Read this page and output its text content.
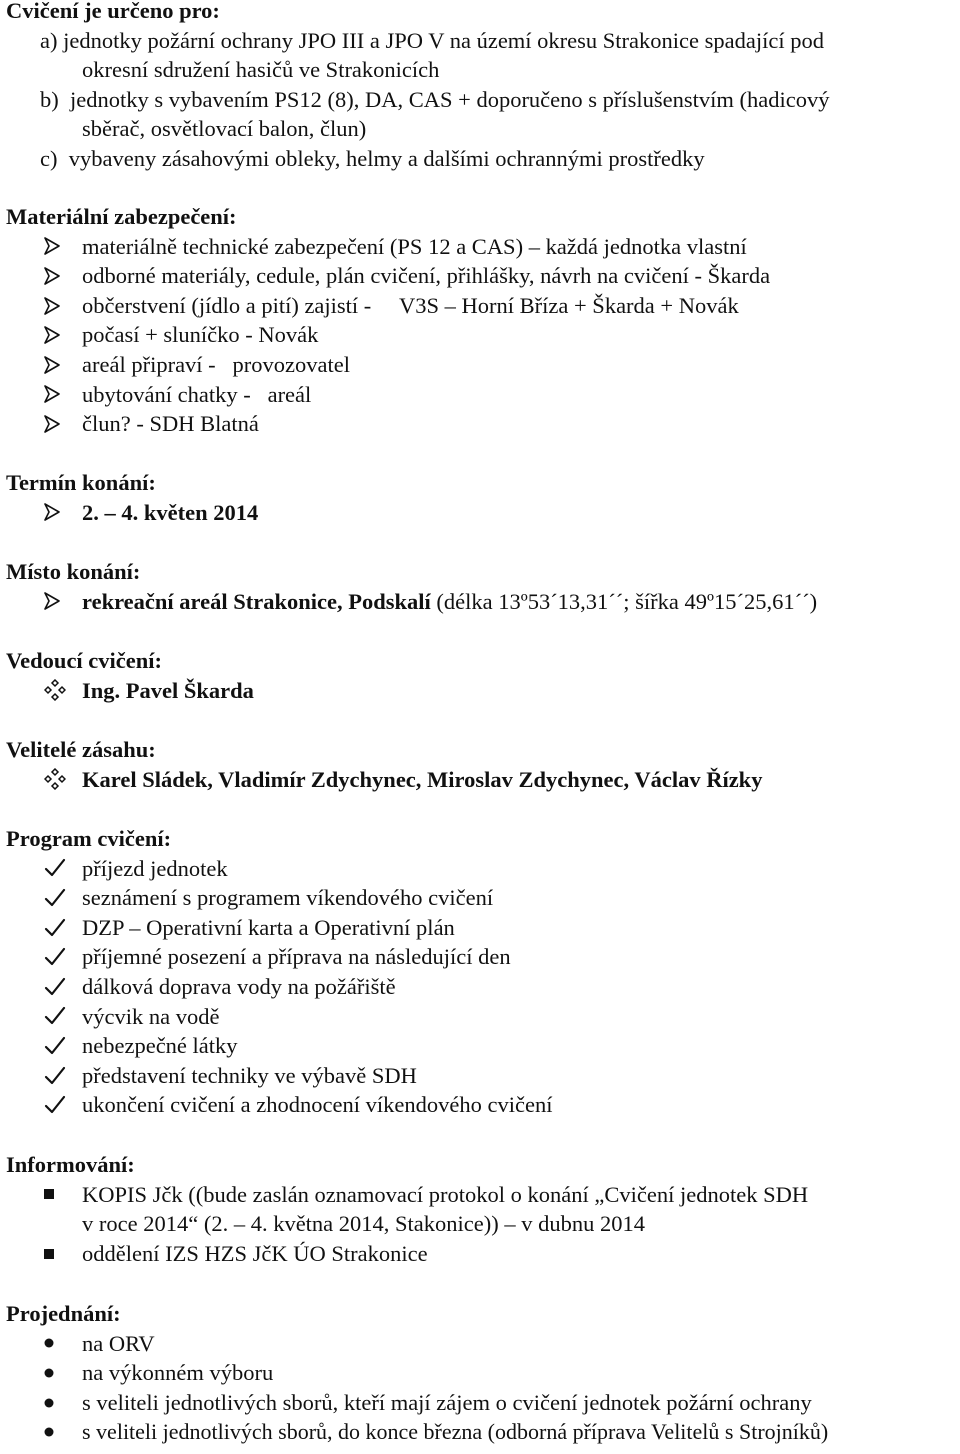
Cvičení je určeno pro:
a) jednotky požární ochrany JPO III a JPO V na území okresu Strakonice spadající pod
okresní sdružení hasičů ve Strakonicích
b) jednotky s vybavením PS12 (8), DA, CAS + doporučeno s příslušenstvím (hadicový
sběrač, osvětlovací balon, člun)
c) vybaveny zásahovými obleky, helmy a dalšími ochrannými prostředky
Materiální zabezpečení:
materiálně technické zabezpečení (PS 12 a CAS) – každá jednotka vlastní
odborné materiály, cedule, plán cvičení, přihlášky, návrh na cvičení - Škarda
občerstvení (jídlo a pití) zajistí -     V3S – Horní Bříza + Škarda + Novák
počasí + sluníčko - Novák
areál připraví -   provozovatel
ubytování chatky -   areál
člun? - SDH Blatná
Termín konání:
2. – 4. květen 2014
Místo konání:
rekreační areál Strakonice, Podskalí (délka 13º53´13,31´´; šířka 49º15´25,61´´)
Vedoucí cvičení:
Ing. Pavel Škarda
Velitelé zásahu:
Karel Sládek, Vladimír Zdychynec, Miroslav Zdychynec, Václav Řízky
Program cvičení:
příjezd jednotek
seznámení s programem víkendového cvičení
DZP – Operativní karta a Operativní plán
příjemné posezení a příprava na následující den
dálková doprava vody na požářiště
výcvik na vodě
nebezpečné látky
představení techniky ve výbavě SDH
ukončení cvičení a zhodnocení víkendového cvičení
Informování:
KOPIS Jčk ((bude zaslán oznamovací protokol o konání „Cvičení jednotek SDH
v roce 2014“ (2. – 4. května 2014, Stakonice)) – v dubnu 2014
oddělení IZS HZS JčK ÚO Strakonice
Projednání:
na ORV
na výkonném výboru
s veliteli jednotlivých sborů, kteří mají zájem o cvičení jednotek požární ochrany
s veliteli jednotlivých sborů, do konce března (odborná příprava Velitelů s Strojníků)
